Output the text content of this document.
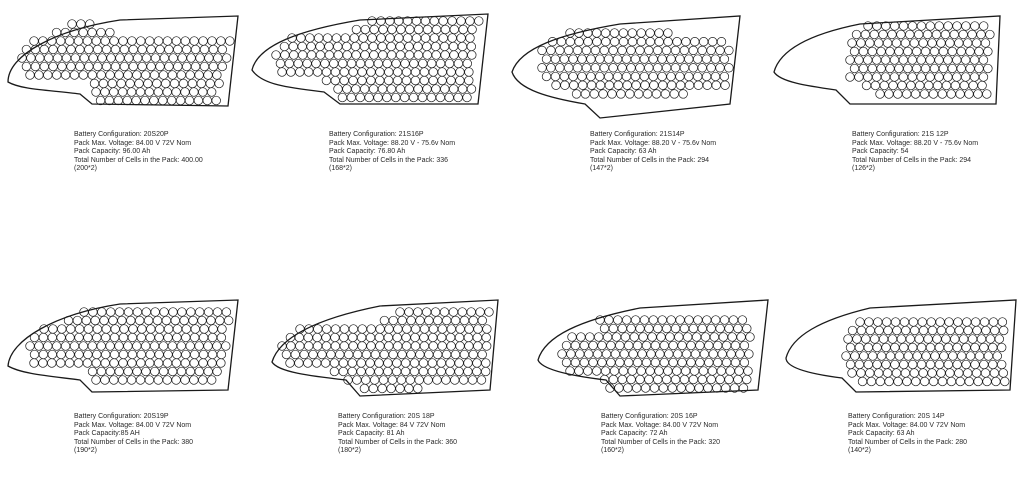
Battery Configuration: 20S20P
Pack Max. Voltage: 84.00 V 72V Nom
Pack Capacity: 96.00 Ah
Total Number of Cells in the Pack: 400.00
(200*2)
Battery Configuration: 21S16P
Pack Max. Voltage: 88.20 V - 75.6v Nom
Pack Capacity: 76.80 Ah
Total Number of Cells in the Pack: 336
(168*2)
Battery Configuration: 21S14P
Pack Max. Voltage: 88.20 V - 75.6v Nom
Pack Capacity: 63 Ah
Total Number of Cells in the Pack: 294
(147*2)
Battery Configuration: 21S 12P
Pack Max. Voltage: 88.20 V - 75.6v Nom
Pack Capacity: 54
Total Number of Cells in the Pack: 294
(126*2)
Battery Configuration: 20S19P
Pack Max. Voltage: 84.00 V 72V Nom
Pack Capacity:85 AH
Total Number of Cells in the Pack: 380
(190*2)
Battery Configuration: 20S 18P
Pack Max. Voltage: 84 V 72V Nom
Pack Capacity: 81 Ah
Total Number of Cells in the Pack: 360
(180*2)
Battery Configuration: 20S 16P
Pack Max. Voltage: 84.00 V 72V Nom
Pack Capacity: 72 Ah
Total Number of Cells in the Pack: 320
(160*2)
Battery Configuration: 20S 14P
Pack Max. Voltage: 84.00 V 72V Nom
Pack Capacity: 63 Ah
Total Number of Cells in the Pack: 280
(140*2)
